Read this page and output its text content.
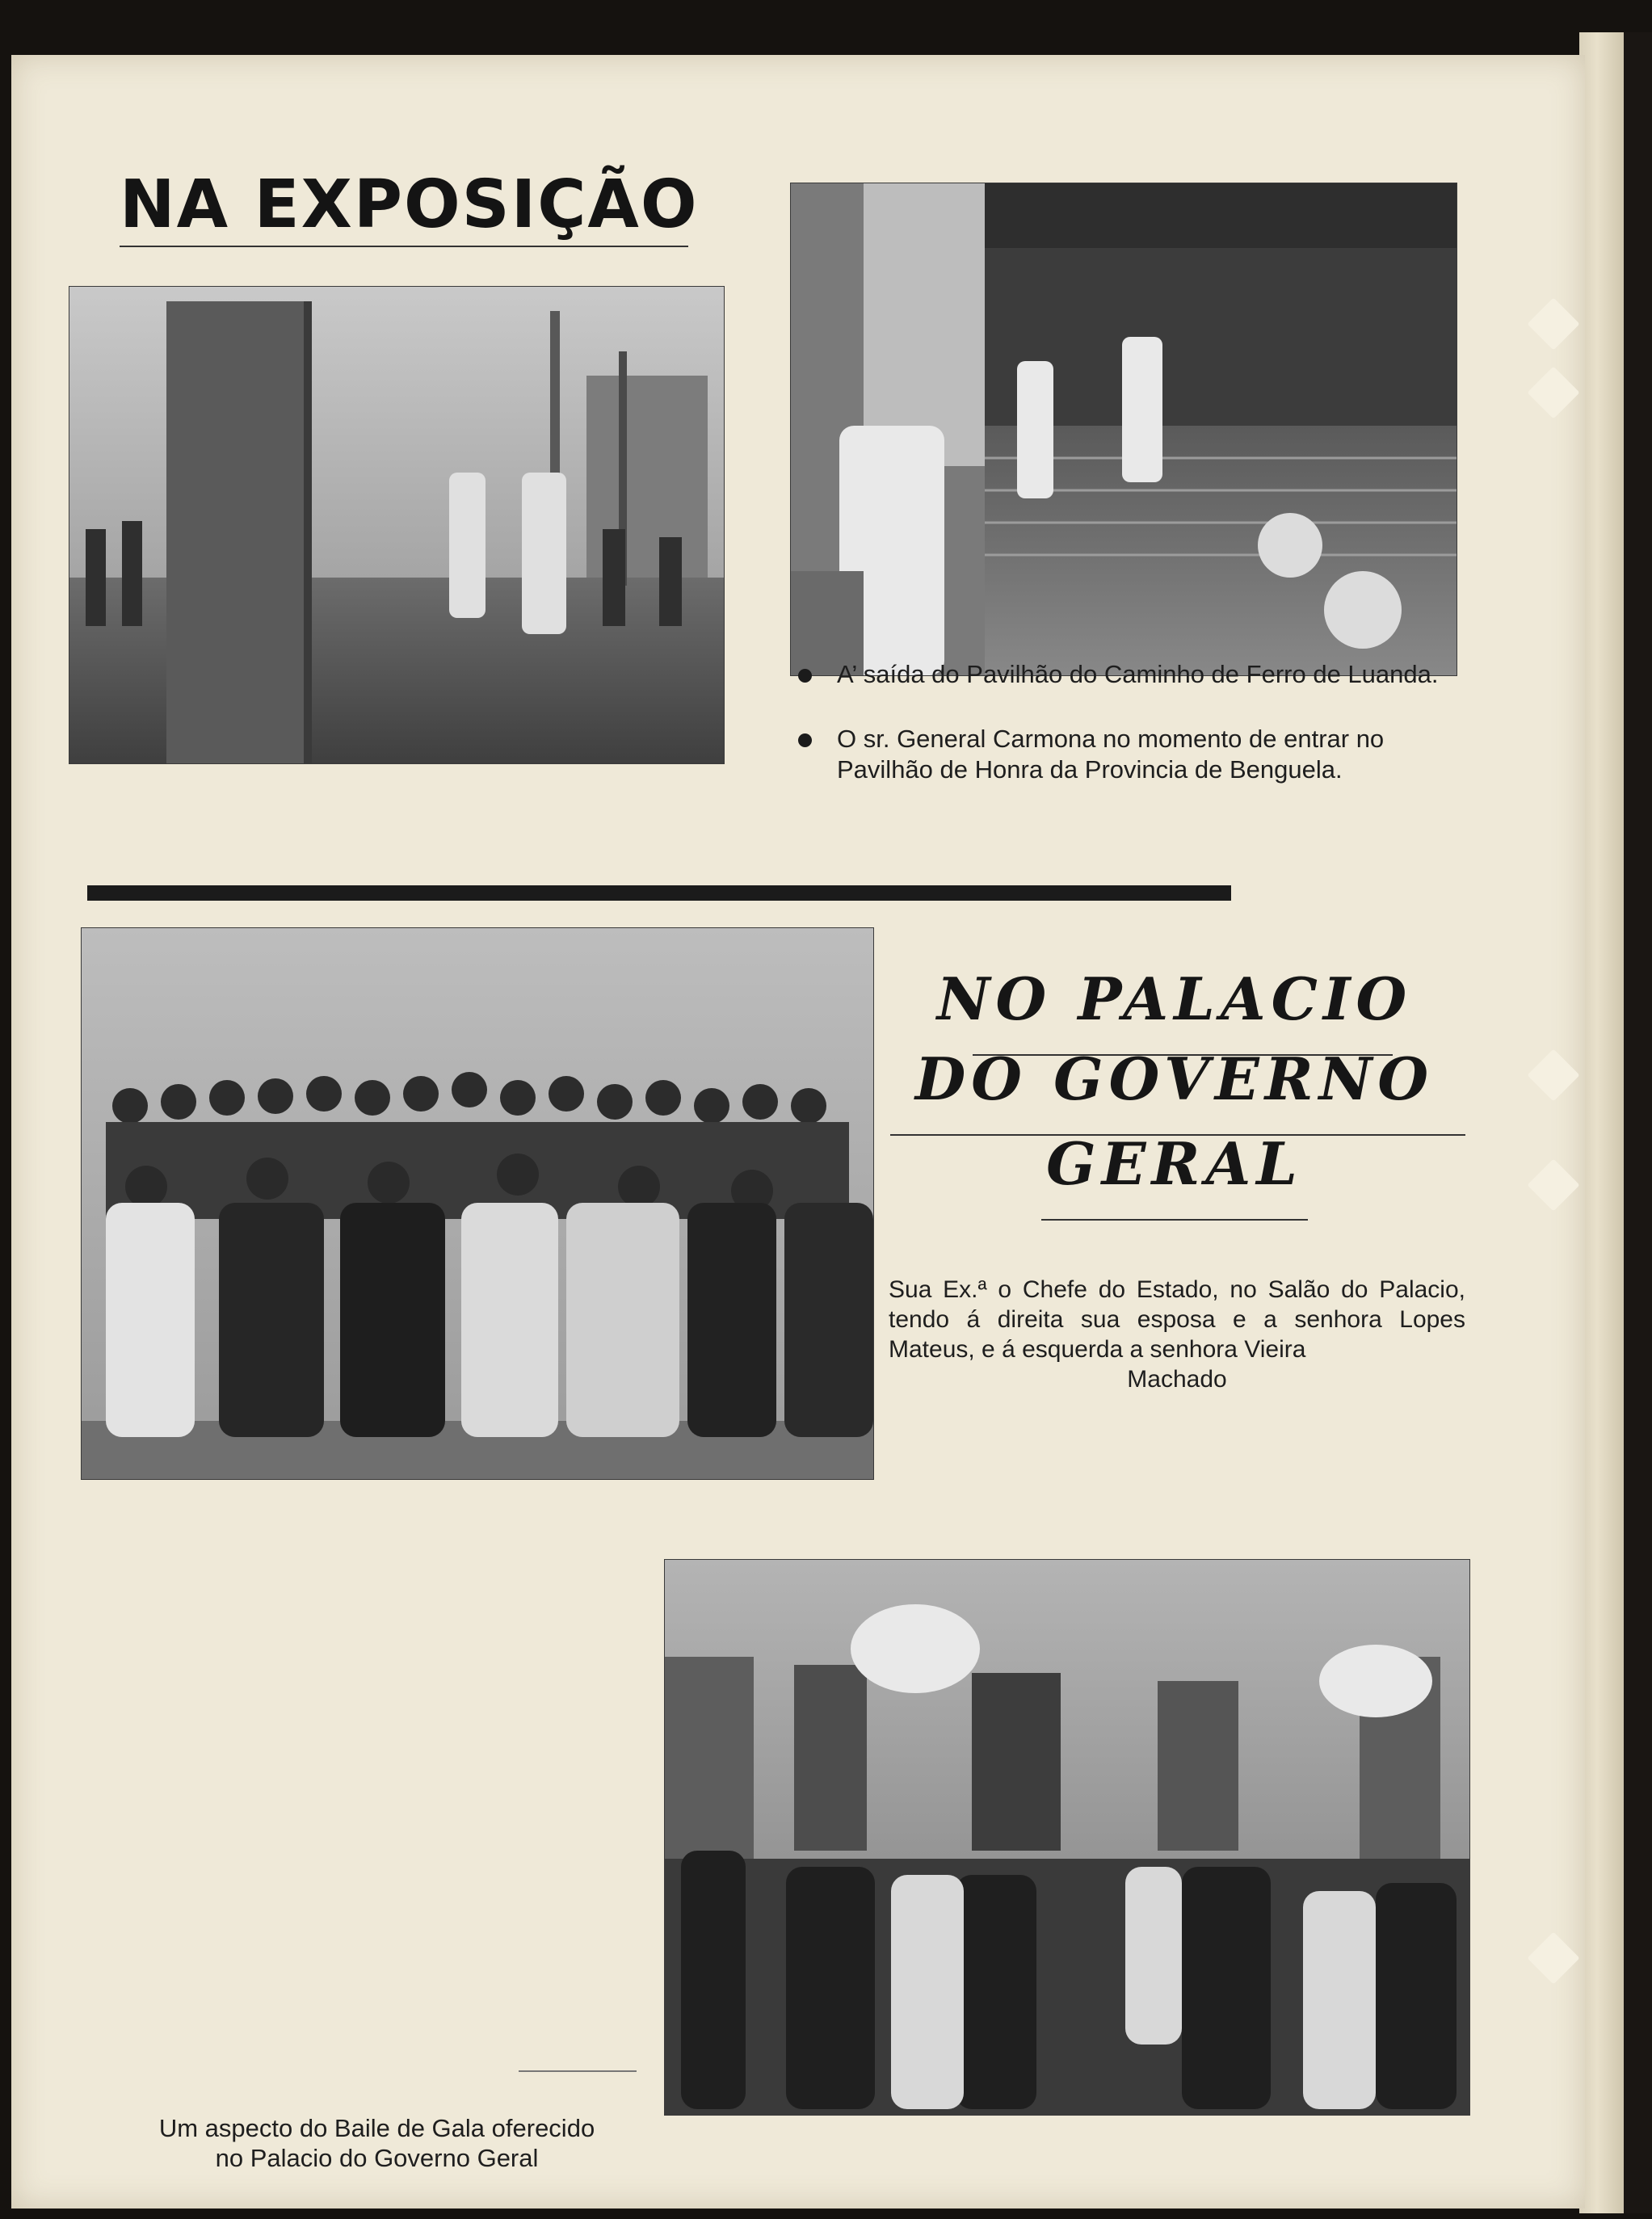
NA EXPOSIÇÃO
A’ saída do Pavilhão do Caminho de Ferro de Luanda.
O sr. General Carmona no momento de entrar no Pavilhão de Honra da Provincia de Benguela.
NO PALACIO
DO GOVERNO
GERAL
Sua Ex.ª o Chefe do Estado, no Salão do Palacio, tendo á direita sua esposa e a senhora Lopes Mateus, e á esquerda a senhora Vieira
Machado
Um aspecto do Baile de Gala oferecido
no Palacio do Governo Geral
